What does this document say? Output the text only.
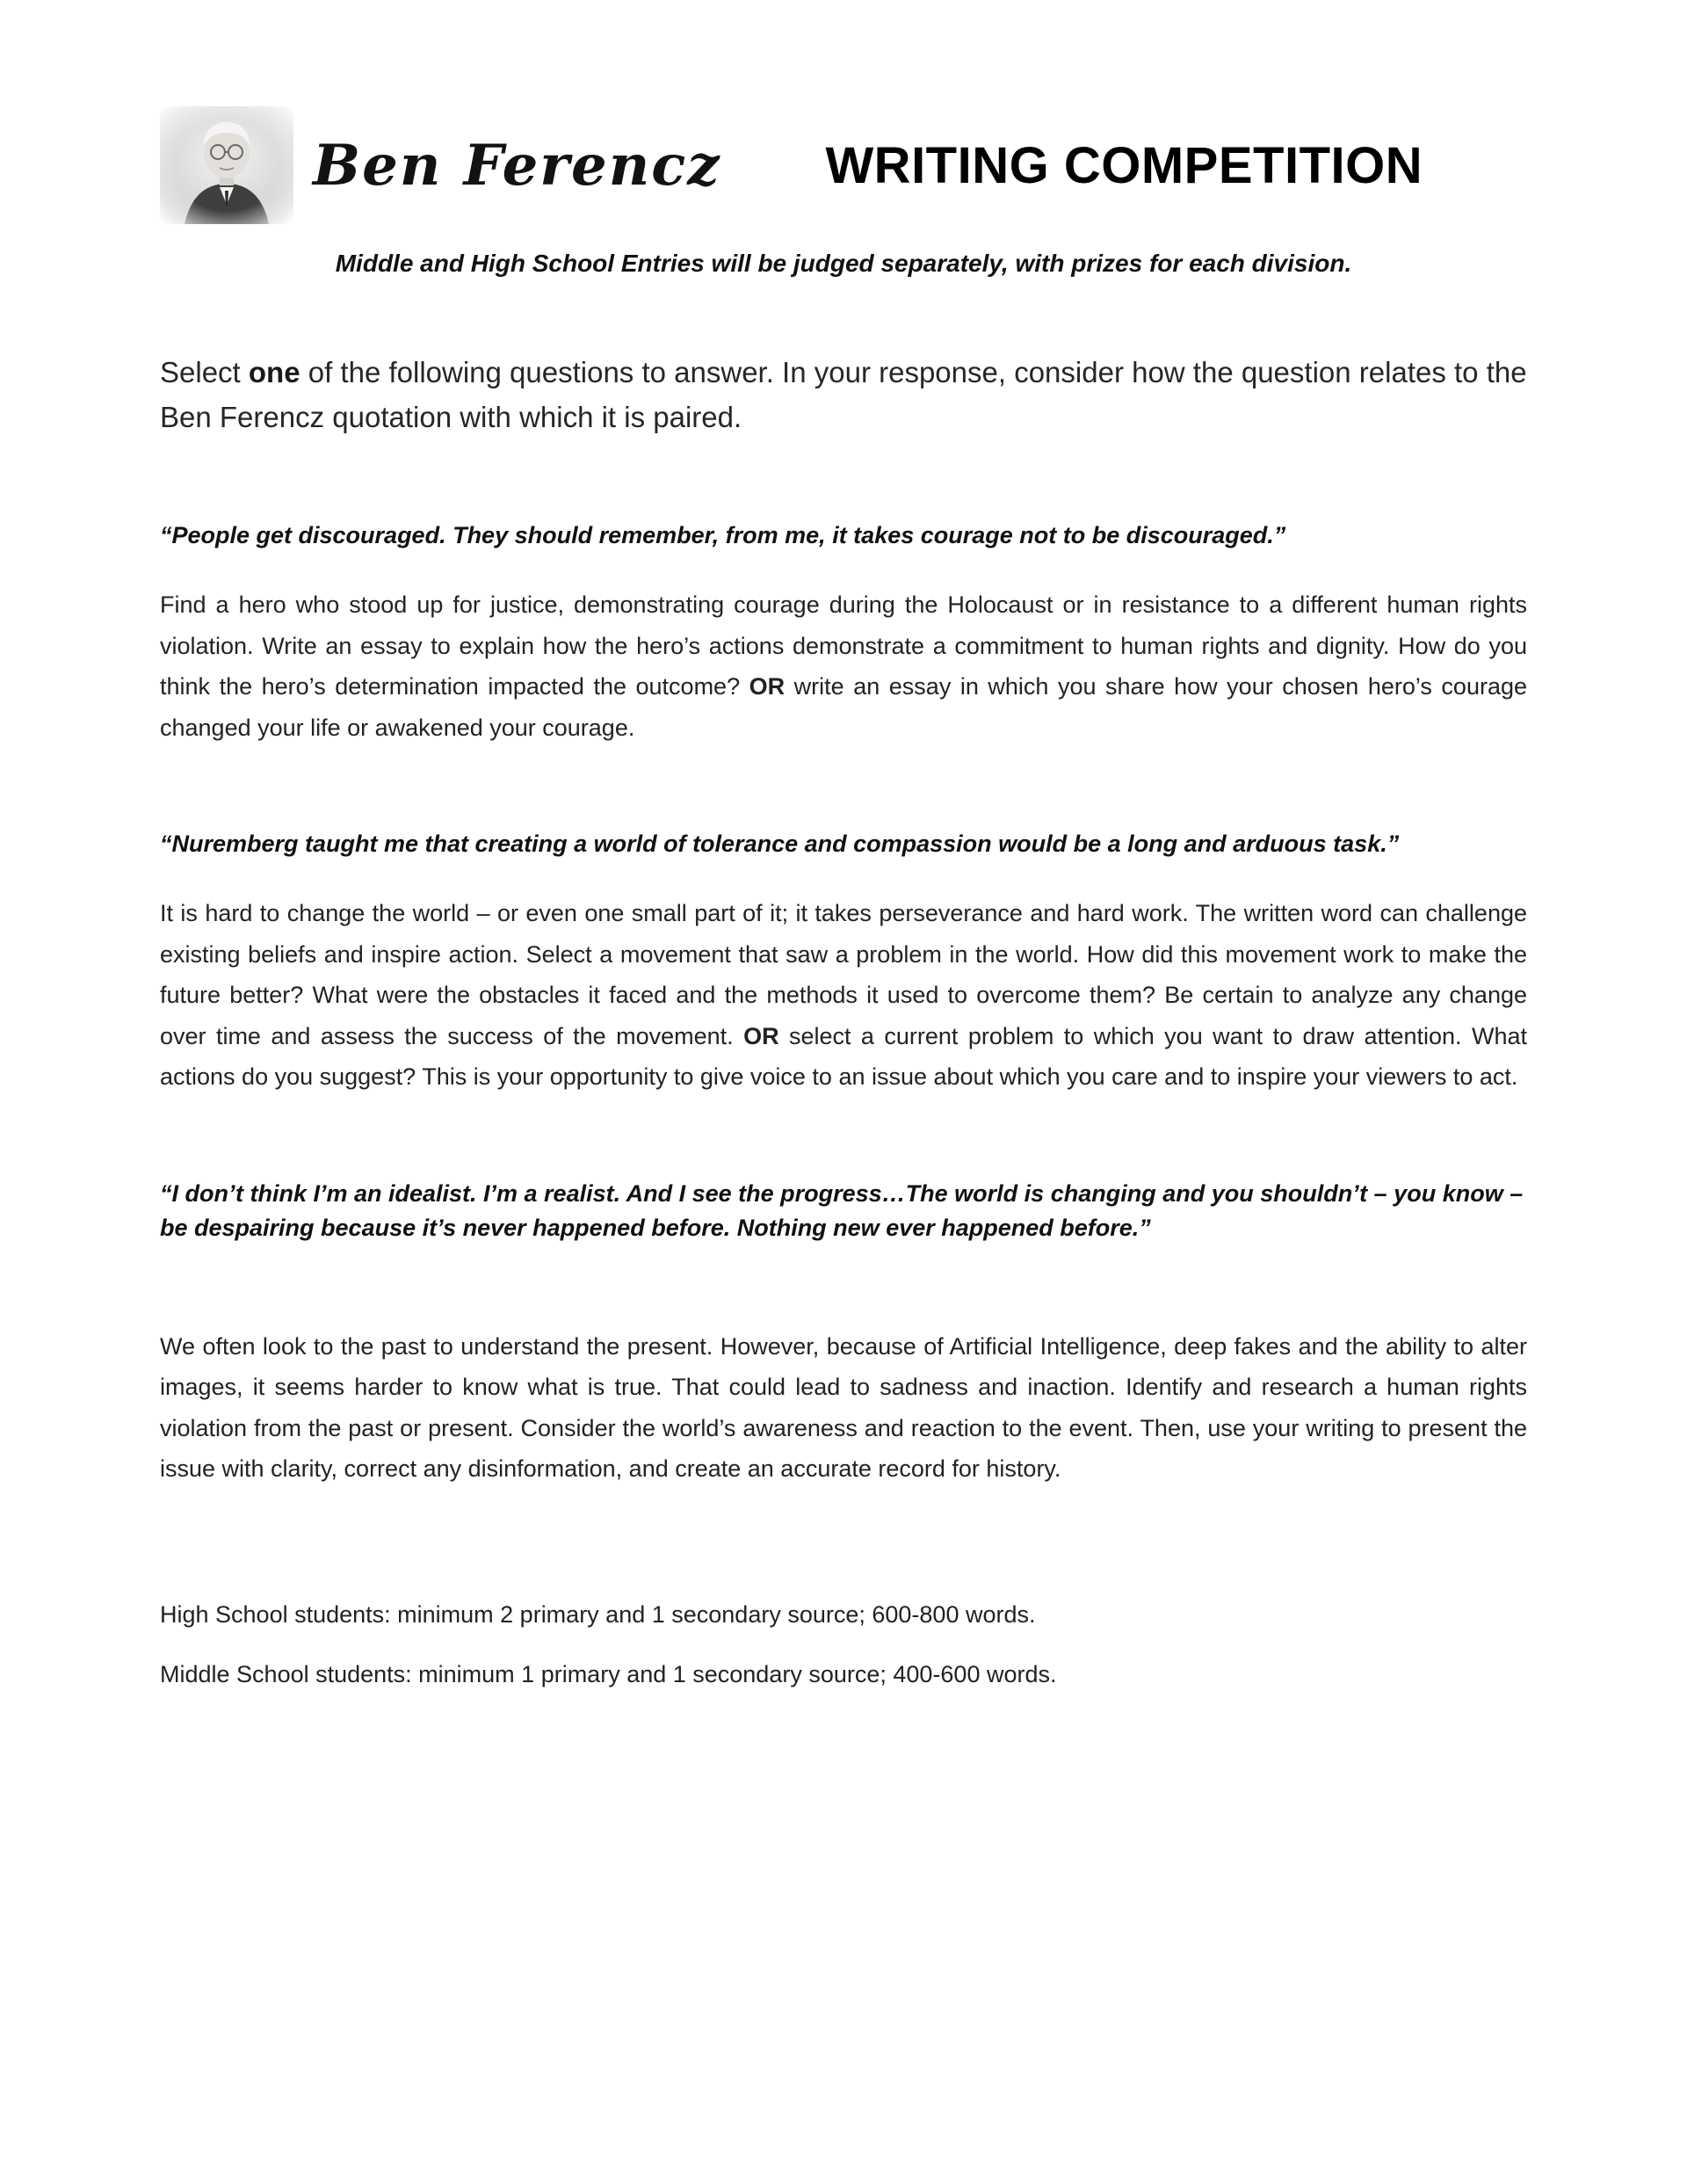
Ben Ferencz	WRITING COMPETITION

Middle and High School Entries will be judged separately, with prizes for each division.

Select one of the following questions to answer. In your response, consider how the question relates to the Ben Ferencz quotation with which it is paired.

“People get discouraged. They should remember, from me, it takes courage not to be discouraged.”

Find a hero who stood up for justice, demonstrating courage during the Holocaust or in resistance to a different human rights violation. Write an essay to explain how the hero’s actions demonstrate a commitment to human rights and dignity. How do you think the hero’s determination impacted the outcome? OR write an essay in which you share how your chosen hero’s courage changed your life or awakened your courage.

“Nuremberg taught me that creating a world of tolerance and compassion would be a long and arduous task.”

It is hard to change the world – or even one small part of it; it takes perseverance and hard work. The written word can challenge existing beliefs and inspire action. Select a movement that saw a problem in the world. How did this movement work to make the future better? What were the obstacles it faced and the methods it used to overcome them? Be certain to analyze any change over time and assess the success of the movement. OR select a current problem to which you want to draw attention. What actions do you suggest? This is your opportunity to give voice to an issue about which you care and to inspire your viewers to act.

“I don’t think I’m an idealist. I’m a realist. And I see the progress…The world is changing and you shouldn’t – you know – be despairing because it’s never happened before. Nothing new ever happened before.”

We often look to the past to understand the present. However, because of Artificial Intelligence, deep fakes and the ability to alter images, it seems harder to know what is true. That could lead to sadness and inaction. Identify and research a human rights violation from the past or present. Consider the world’s awareness and reaction to the event. Then, use your writing to present the issue with clarity, correct any disinformation, and create an accurate record for history.

High School students: minimum 2 primary and 1 secondary source; 600-800 words.

Middle School students: minimum 1 primary and 1 secondary source; 400-600 words.
